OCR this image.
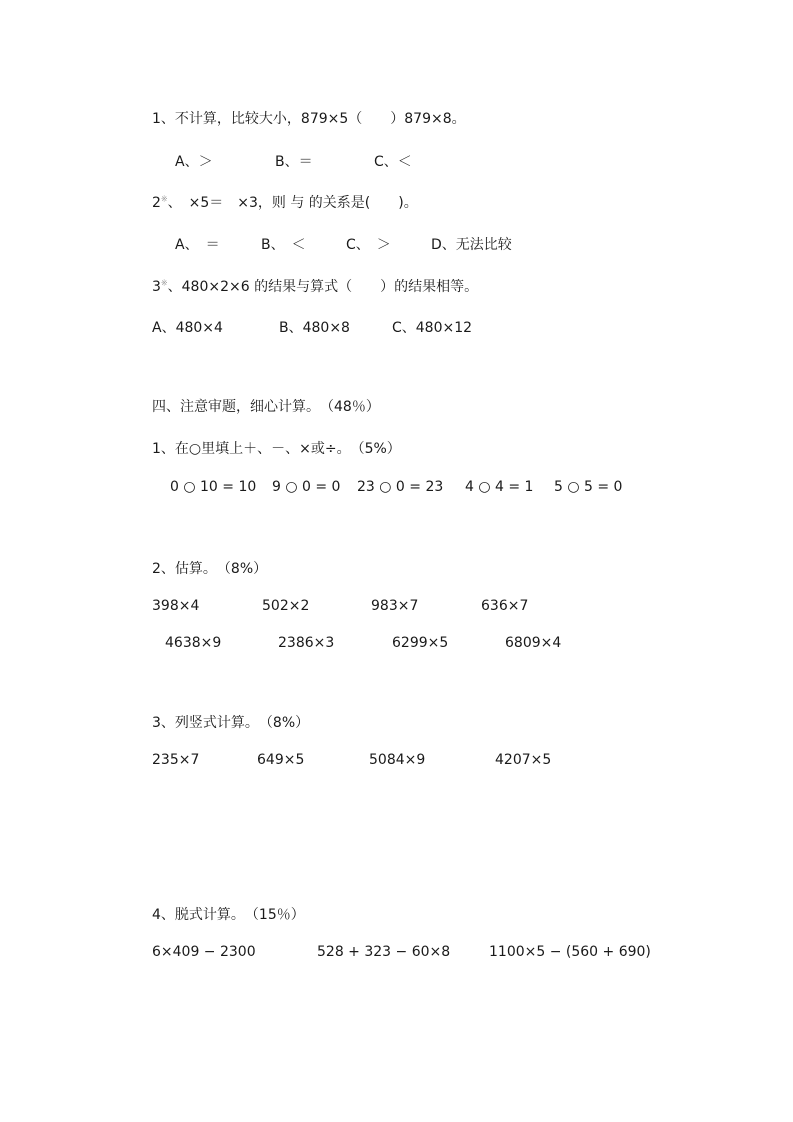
1、不计算，比较大小，879×5（　　）879×8。
A、＞	B、＝	C、＜
2※、　×5＝　×3，则 与 的关系是(　　)。
A、　＝	B、　＜	C、　＞	D、无法比较
3※、480×2×6 的结果与算式（　　）的结果相等。
A、480×4	B、480×8	C、480×12
四、注意审题，细心计算。　（48％）
1、在○里填上＋、－、×或÷。　（5%）
0 ○ 10 = 10 9 ○ 0 = 0 23 ○ 0 = 23 4 ○ 4 = 1 5 ○ 5 = 0
2、估算。　（8%）
398×4	502×2	983×7	636×7
4638×9	2386×3	6299×5	6809×4
3、列竖式计算。　（8%）
235×7	649×5	5084×9	4207×5
4、脱式计算。　（15％）
6×409 − 2300	528 + 323 − 60×8	1100×5 − (560 + 690)
